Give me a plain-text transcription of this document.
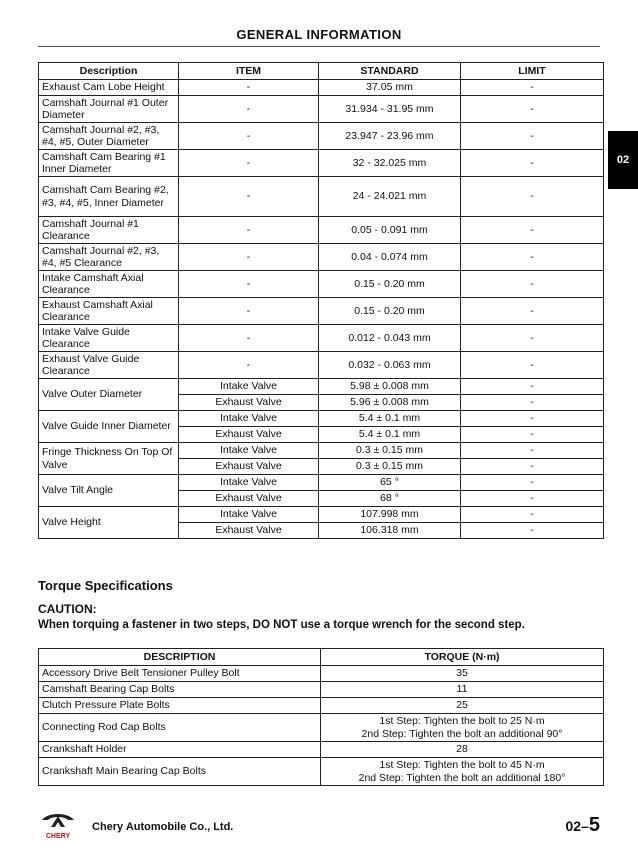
GENERAL INFORMATION
02
Description	ITEM	STANDARD	LIMIT
Exhaust Cam Lobe Height	-	37.05 mm	-
Camshaft Journal #1 Outer Diameter	-	31.934 - 31.95 mm	-
Camshaft Journal #2, #3, #4, #5, Outer Diameter	-	23.947 - 23.96 mm	-
Camshaft Cam Bearing #1 Inner Diameter	-	32 - 32.025 mm	-
Camshaft Cam Bearing #2, #3, #4, #5, Inner Diameter	-	24 - 24.021 mm	-
Camshaft Journal #1 Clearance	-	0.05 - 0.091 mm	-
Camshaft Journal #2, #3, #4, #5 Clearance	-	0.04 - 0.074 mm	-
Intake Camshaft Axial Clearance	-	0.15 - 0.20 mm	-
Exhaust Camshaft Axial Clearance	-	0.15 - 0.20 mm	-
Intake Valve Guide Clearance	-	0.012 - 0.043 mm	-
Exhaust Valve Guide Clearance	-	0.032 - 0.063 mm	-
Valve Outer Diameter	Intake Valve	5.98 ± 0.008 mm	-
	Exhaust Valve	5.96 ± 0.008 mm	-
Valve Guide Inner Diameter	Intake Valve	5.4 ± 0.1 mm	-
	Exhaust Valve	5.4 ± 0.1 mm	-
Fringe Thickness On Top Of Valve	Intake Valve	0.3 ± 0.15 mm	-
	Exhaust Valve	0.3 ± 0.15 mm	-
Valve Tilt Angle	Intake Valve	65 °	-
	Exhaust Valve	68 °	-
Valve Height	Intake Valve	107.998 mm	-
	Exhaust Valve	106.318 mm	-
Torque Specifications
CAUTION:
When torquing a fastener in two steps, DO NOT use a torque wrench for the second step.
DESCRIPTION	TORQUE (N·m)
Accessory Drive Belt Tensioner Pulley Bolt	35
Camshaft Bearing Cap Bolts	11
Clutch Pressure Plate Bolts	25
Connecting Rod Cap Bolts	1st Step: Tighten the bolt to 25 N·m
2nd Step: Tighten the bolt an additional 90°

Crankshaft Holder	28
Crankshaft Main Bearing Cap Bolts	1st Step: Tighten the bolt to 45 N·m
2nd Step: Tighten the bolt an additional 180°
CHERY
Chery Automobile Co., Ltd.	02–5
